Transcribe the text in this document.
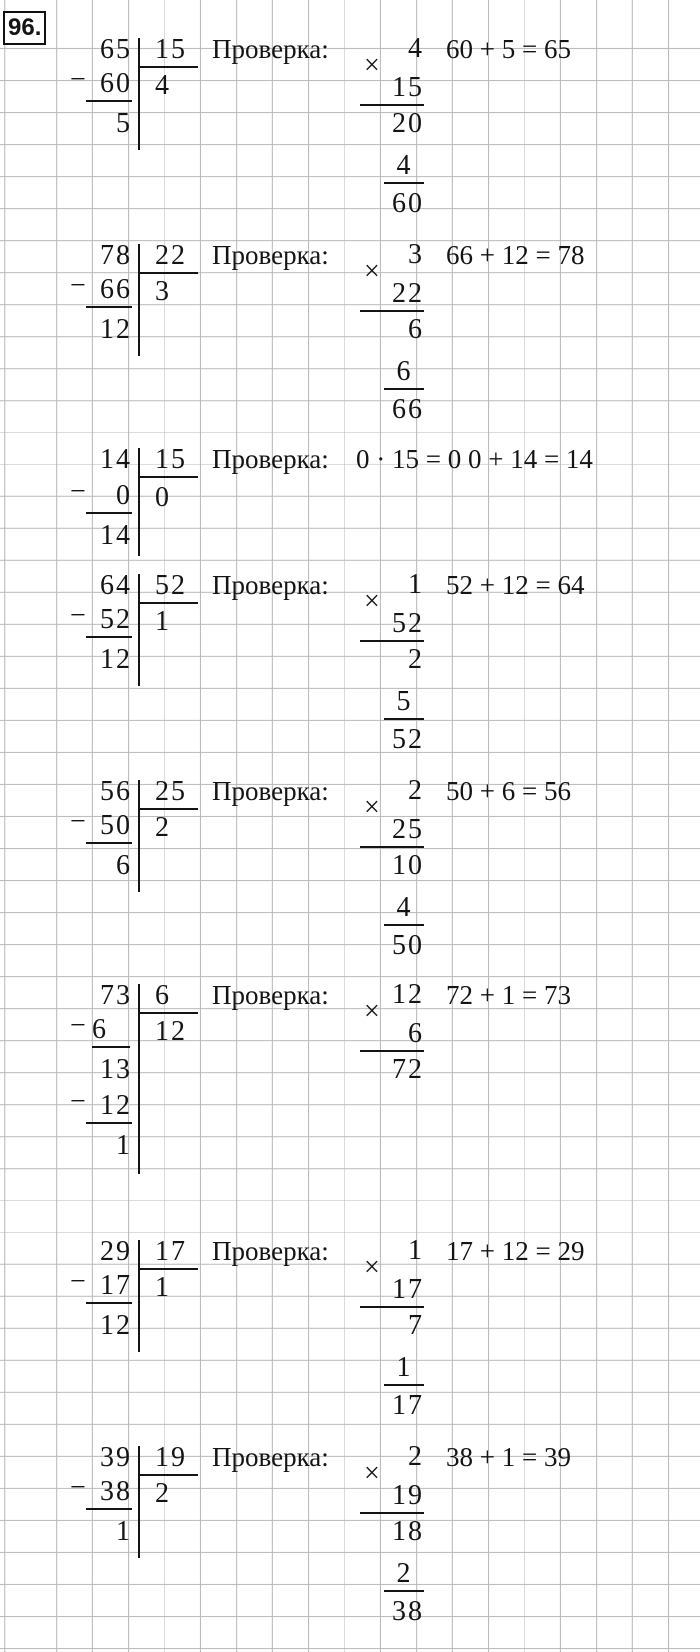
96.
65 15
− 60 4
5
Проверка:
×
4
15
20
4
60
60 + 5 = 65
78 22
− 66 3
12
Проверка:
×
3
22
6
6
66
66 + 12 = 78
14 15
−	0 0
14
Проверка: 0 · 15 = 0 0 + 14 = 14
64 52
− 52 1
12
Проверка:
×
1
52
2
5
52
52 + 12 = 64
56 25
− 50 2
6
Проверка:
×
2
25
10
4
50
50 + 6 = 56
73 6
− 6	12
13
− 12
1
Проверка:
×
12
6
72
72 + 1 = 73
29 17
− 17 1
12
Проверка:
×
1
17
7
1
17
17 + 12 = 29
39 19
− 38 2
1
Проверка:
×
2
19
18
2
38
38 + 1 = 39
